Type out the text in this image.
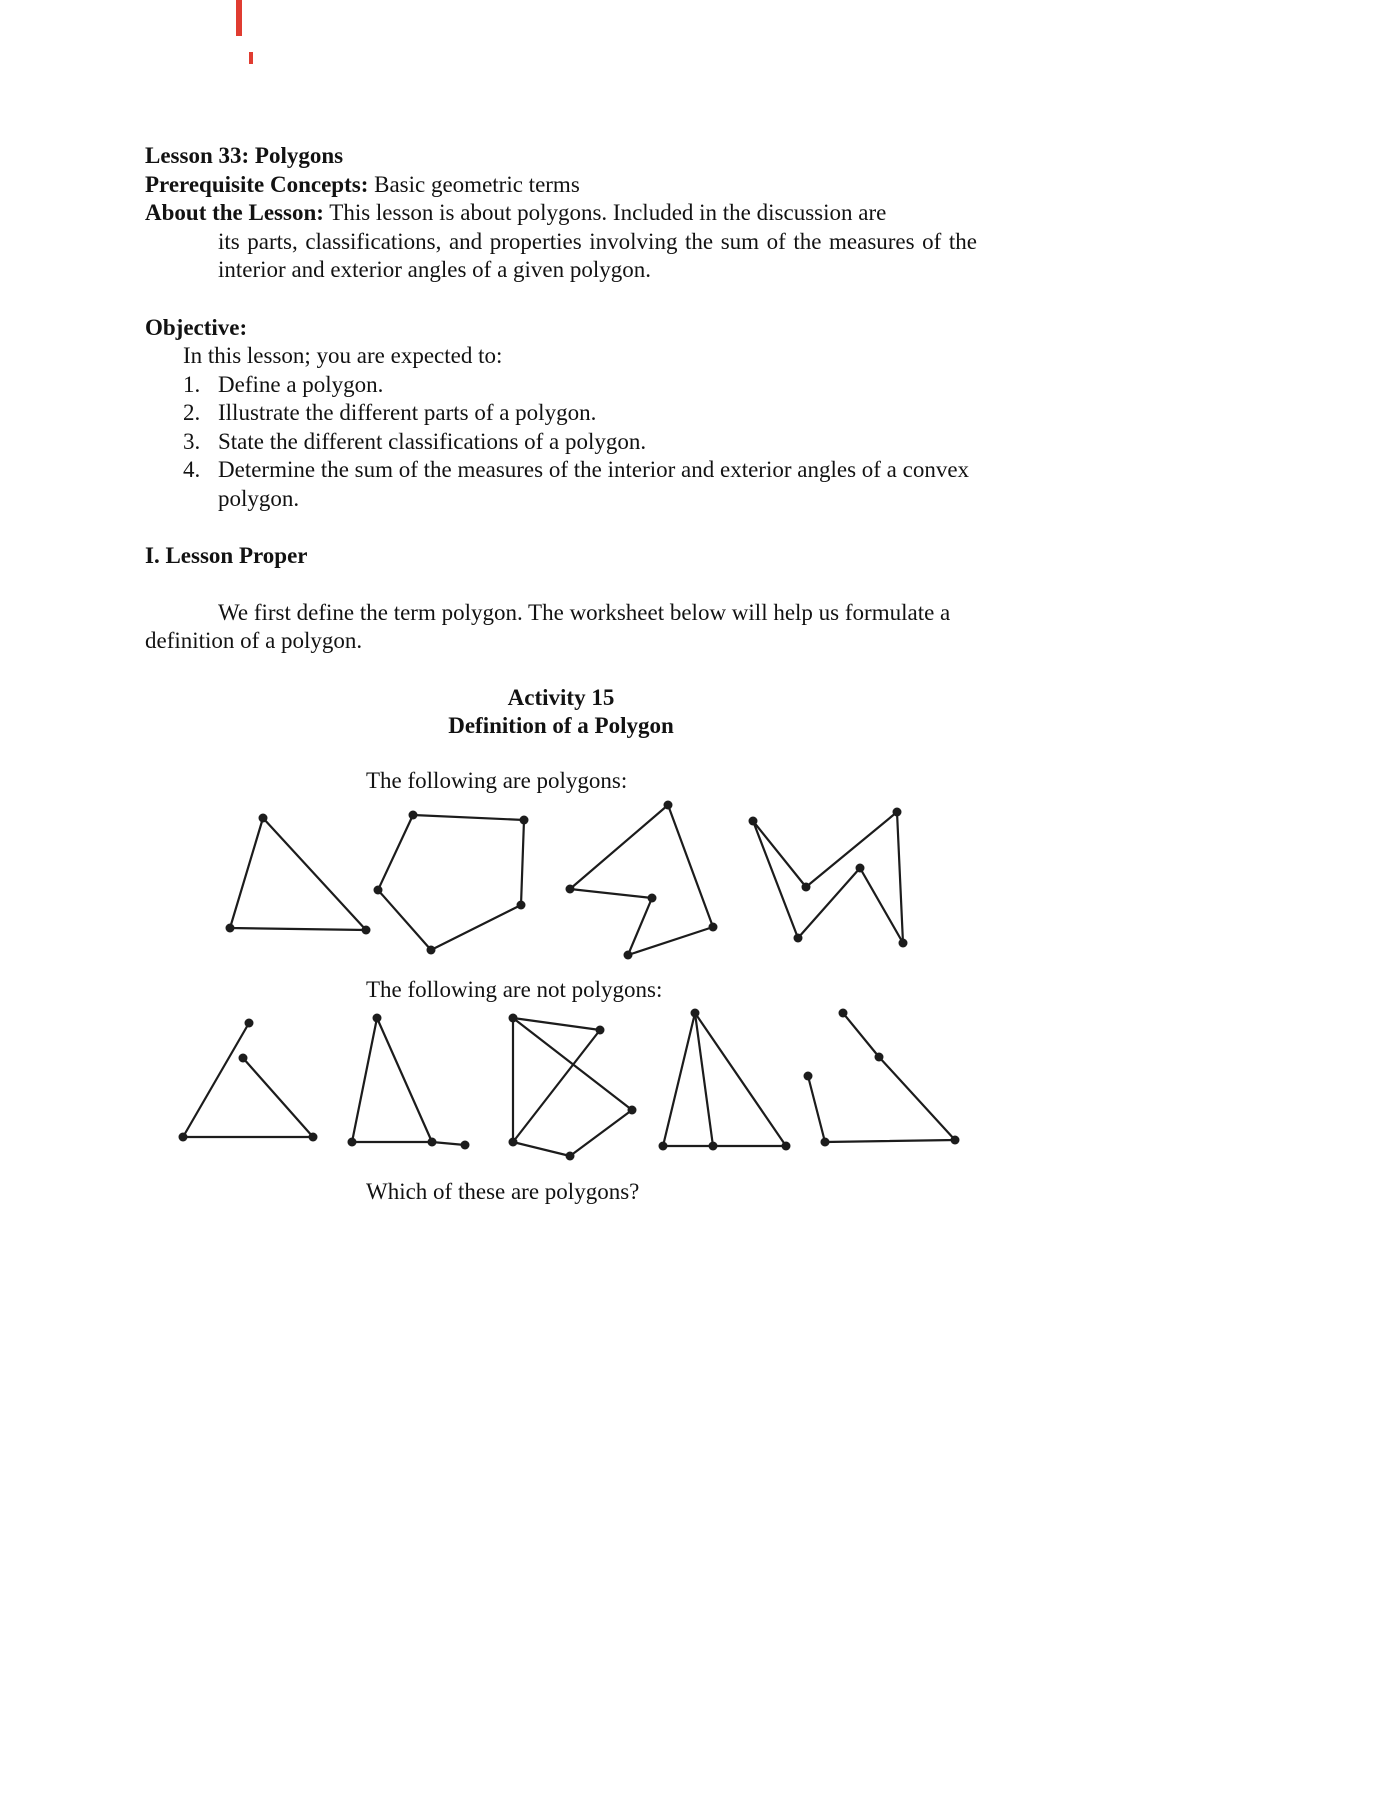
Lesson 33: Polygons
Prerequisite Concepts: Basic geometric terms
About the Lesson: This lesson is about polygons. Included in the discussion are
its parts, classifications, and properties involving the sum of the measures of the interior and exterior angles of a given polygon.
Objective:
In this lesson; you are expected to:
1. Define a polygon.
2. Illustrate the different parts of a polygon.
3. State the different classifications of a polygon.
4. Determine the sum of the measures of the interior and exterior angles of a convex polygon.
I. Lesson Proper
We first define the term polygon. The worksheet below will help us formulate a definition of a polygon.
Activity 15
Definition of a Polygon
The following are polygons:
The following are not polygons:
Which of these are polygons?
